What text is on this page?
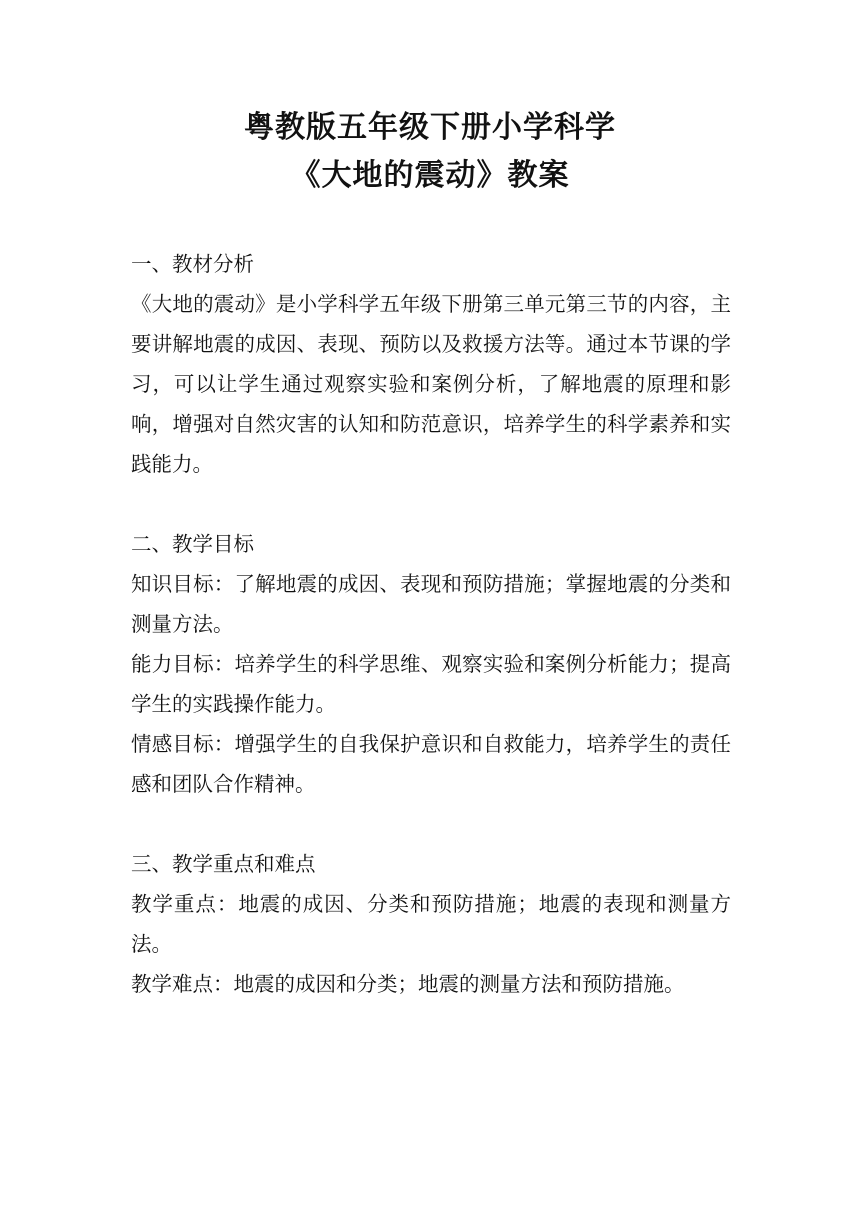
粤教版五年级下册小学科学
《大地的震动》教案

一、教材分析

《大地的震动》是小学科学五年级下册第三单元第三节的内容，主要讲解地震的成因、表现、预防以及救援方法等。通过本节课的学习，可以让学生通过观察实验和案例分析，了解地震的原理和影响，增强对自然灾害的认知和防范意识，培养学生的科学素养和实践能力。

二、教学目标

知识目标：了解地震的成因、表现和预防措施；掌握地震的分类和测量方法。

能力目标：培养学生的科学思维、观察实验和案例分析能力；提高学生的实践操作能力。

情感目标：增强学生的自我保护意识和自救能力，培养学生的责任感和团队合作精神。

三、教学重点和难点

教学重点：地震的成因、分类和预防措施；地震的表现和测量方法。

教学难点：地震的成因和分类；地震的测量方法和预防措施。
